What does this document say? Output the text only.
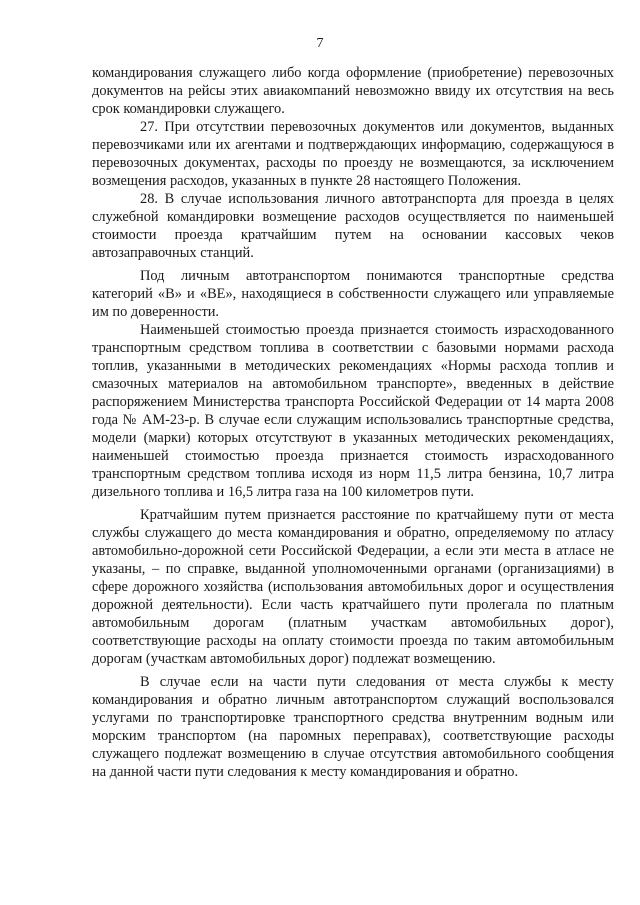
7

командирования служащего либо когда оформление (приобретение) перевозочных документов на рейсы этих авиакомпаний невозможно ввиду их отсутствия на весь срок командировки служащего.

27. При отсутствии перевозочных документов или документов, выданных перевозчиками или их агентами и подтверждающих информацию, содержащуюся в перевозочных документах, расходы по проезду не возмещаются, за исключением возмещения расходов, указанных в пункте 28 настоящего Положения.

28. В случае использования личного автотранспорта для проезда в целях служебной командировки возмещение расходов осуществляется по наименьшей стоимости проезда кратчайшим путем на основании кассовых чеков автозаправочных станций.

Под личным автотранспортом понимаются транспортные средства категорий «В» и «ВЕ», находящиеся в собственности служащего или управляемые им по доверенности.

Наименьшей стоимостью проезда признается стоимость израсходованного транспортным средством топлива в соответствии с базовыми нормами расхода топлив, указанными в методических рекомендациях «Нормы расхода топлив и смазочных материалов на автомобильном транспорте», введенных в действие распоряжением Министерства транспорта Российской Федерации от 14 марта 2008 года № АМ-23-р. В случае если служащим использовались транспортные средства, модели (марки) которых отсутствуют в указанных методических рекомендациях, наименьшей стоимостью проезда признается стоимость израсходованного транспортным средством топлива исходя из норм 11,5 литра бензина, 10,7 литра дизельного топлива и 16,5 литра газа на 100 километров пути.

Кратчайшим путем признается расстояние по кратчайшему пути от места службы служащего до места командирования и обратно, определяемому по атласу автомобильно-дорожной сети Российской Федерации, а если эти места в атласе не указаны, – по справке, выданной уполномоченными органами (организациями) в сфере дорожного хозяйства (использования автомобильных дорог и осуществления дорожной деятельности). Если часть кратчайшего пути пролегала по платным автомобильным дорогам (платным участкам автомобильных дорог), соответствующие расходы на оплату стоимости проезда по таким автомобильным дорогам (участкам автомобильных дорог) подлежат возмещению.

В случае если на части пути следования от места службы к месту командирования и обратно личным автотранспортом служащий воспользовался услугами по транспортировке транспортного средства внутренним водным или морским транспортом (на паромных переправах), соответствующие расходы служащего подлежат возмещению в случае отсутствия автомобильного сообщения на данной части пути следования к месту командирования и обратно.
